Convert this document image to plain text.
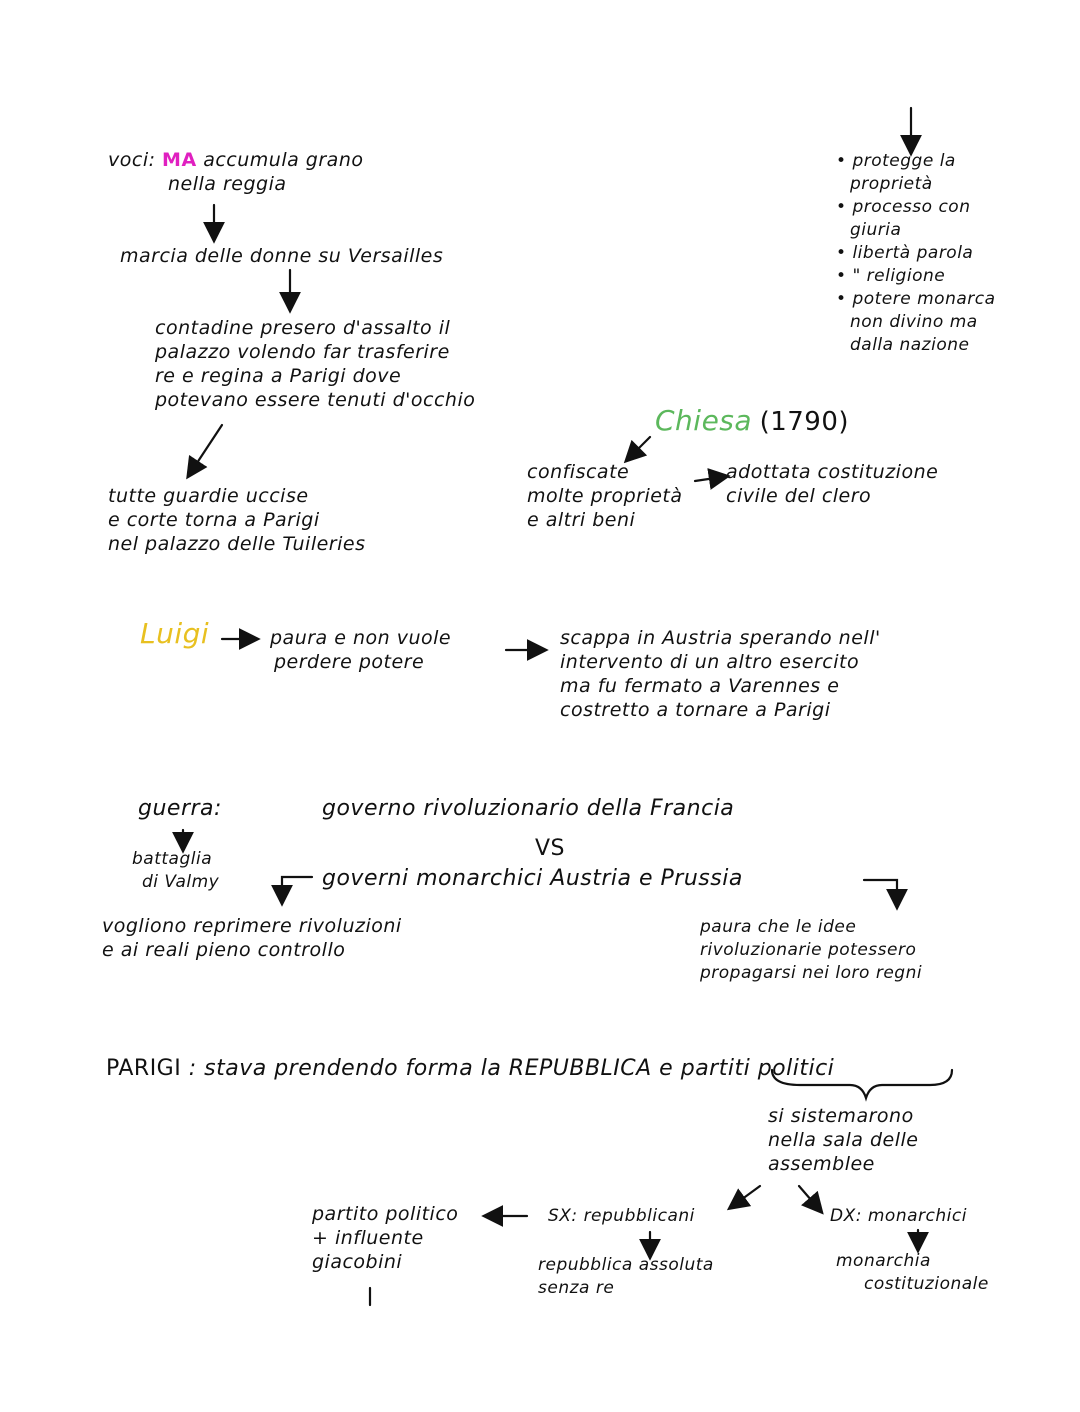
voci: MA accumula grano
nella reggia
marcia delle donne su Versailles
contadine presero d'assalto il
palazzo volendo far trasferire
re e regina a Parigi dove
potevano essere tenuti d'occhio
tutte guardie uccise
e corte torna a Parigi
nel palazzo delle Tuileries
• protegge la
proprietà
• processo con
giuria
• libertà parola
• " religione
• potere monarca
non divino ma
dalla nazione
Chiesa (1790)
confiscate
molte proprietà
e altri beni
adottata costituzione
civile del clero
Luigi	paura e non vuole
perdere potere
scappa in Austria sperando nell'
intervento di un altro esercito
ma fu fermato a Varennes e
costretto a tornare a Parigi
guerra:	governo rivoluzionario della Francia
VS
governi monarchici Austria e Prussia
battaglia
di Valmy
vogliono reprimere rivoluzioni
e ai reali pieno controllo
paura che le idee
rivoluzionarie potessero
propagarsi nei loro regni
PARIGI : stava prendendo forma la REPUBBLICA e partiti politici
si sistemarono
nella sala delle
assemblee
SX: repubblicani	DX: monarchici
partito politico
+ influente
giacobini	repubblica assoluta
senza re
monarchia
costituzionale
